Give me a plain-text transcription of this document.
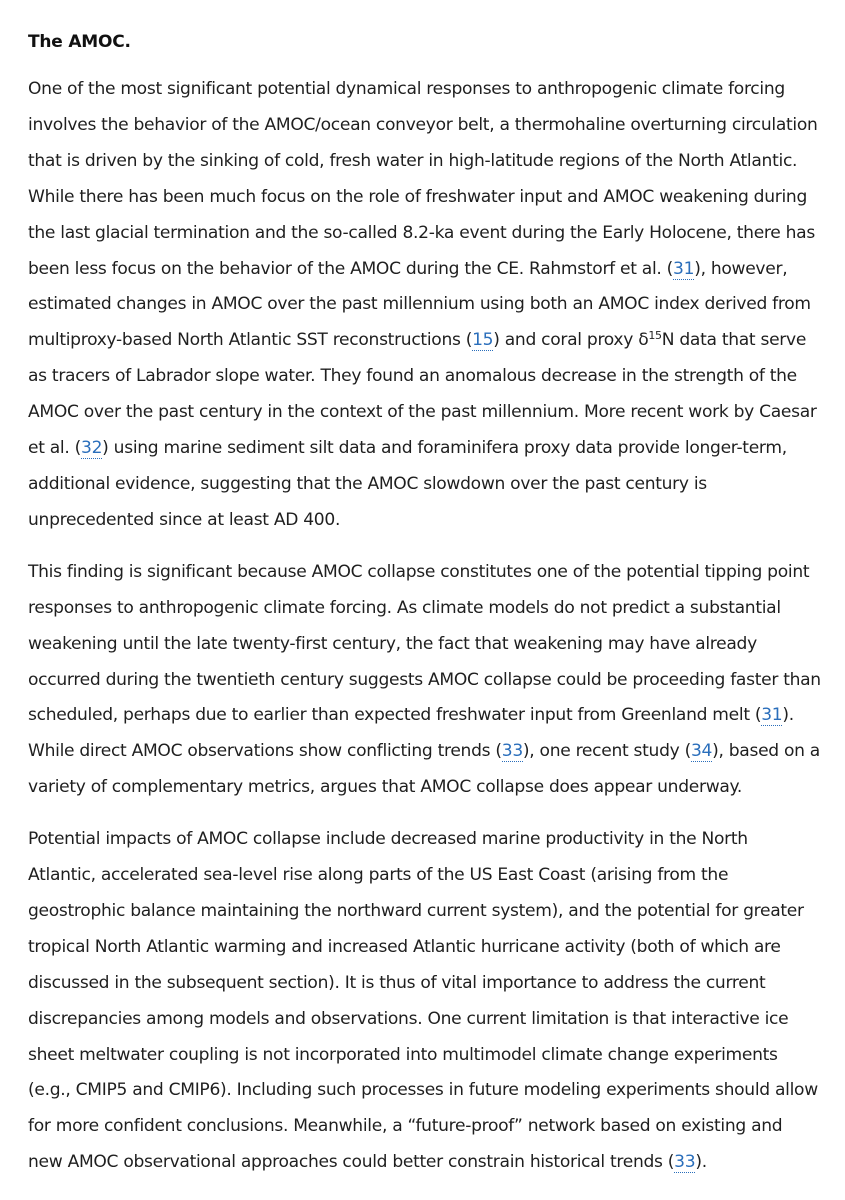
The AMOC.
One of the most significant potential dynamical responses to anthropogenic climate forcing
involves the behavior of the AMOC/ocean conveyor belt, a thermohaline overturning circulation
that is driven by the sinking of cold, fresh water in high-latitude regions of the North Atlantic.
While there has been much focus on the role of freshwater input and AMOC weakening during
the last glacial termination and the so-called 8.2-ka event during the Early Holocene, there has
been less focus on the behavior of the AMOC during the CE. Rahmstorf et al. (31), however,
estimated changes in AMOC over the past millennium using both an AMOC index derived from
multiproxy-based North Atlantic SST reconstructions (15) and coral proxy $\delta^{15}N$ data that serve
as tracers of Labrador slope water. They found an anomalous decrease in the strength of the
AMOC over the past century in the context of the past millennium. More recent work by Caesar
et al. (32) using marine sediment silt data and foraminifera proxy data provide longer-term,
additional evidence, suggesting that the AMOC slowdown over the past century is
unprecedented since at least AD 400.
This finding is significant because AMOC collapse constitutes one of the potential tipping point
responses to anthropogenic climate forcing. As climate models do not predict a substantial
weakening until the late twenty-first century, the fact that weakening may have already
occurred during the twentieth century suggests AMOC collapse could be proceeding faster than
scheduled, perhaps due to earlier than expected freshwater input from Greenland melt (31).
While direct AMOC observations show conflicting trends (33), one recent study (34), based on a
variety of complementary metrics, argues that AMOC collapse does appear underway.
Potential impacts of AMOC collapse include decreased marine productivity in the North
Atlantic, accelerated sea-level rise along parts of the US East Coast (arising from the
geostrophic balance maintaining the northward current system), and the potential for greater
tropical North Atlantic warming and increased Atlantic hurricane activity (both of which are
discussed in the subsequent section). It is thus of vital importance to address the current
discrepancies among models and observations. One current limitation is that interactive ice
sheet meltwater coupling is not incorporated into multimodel climate change experiments
(e.g., CMIP5 and CMIP6). Including such processes in future modeling experiments should allow
for more confident conclusions. Meanwhile, a “future-proof” network based on existing and
new AMOC observational approaches could better constrain historical trends (33).
